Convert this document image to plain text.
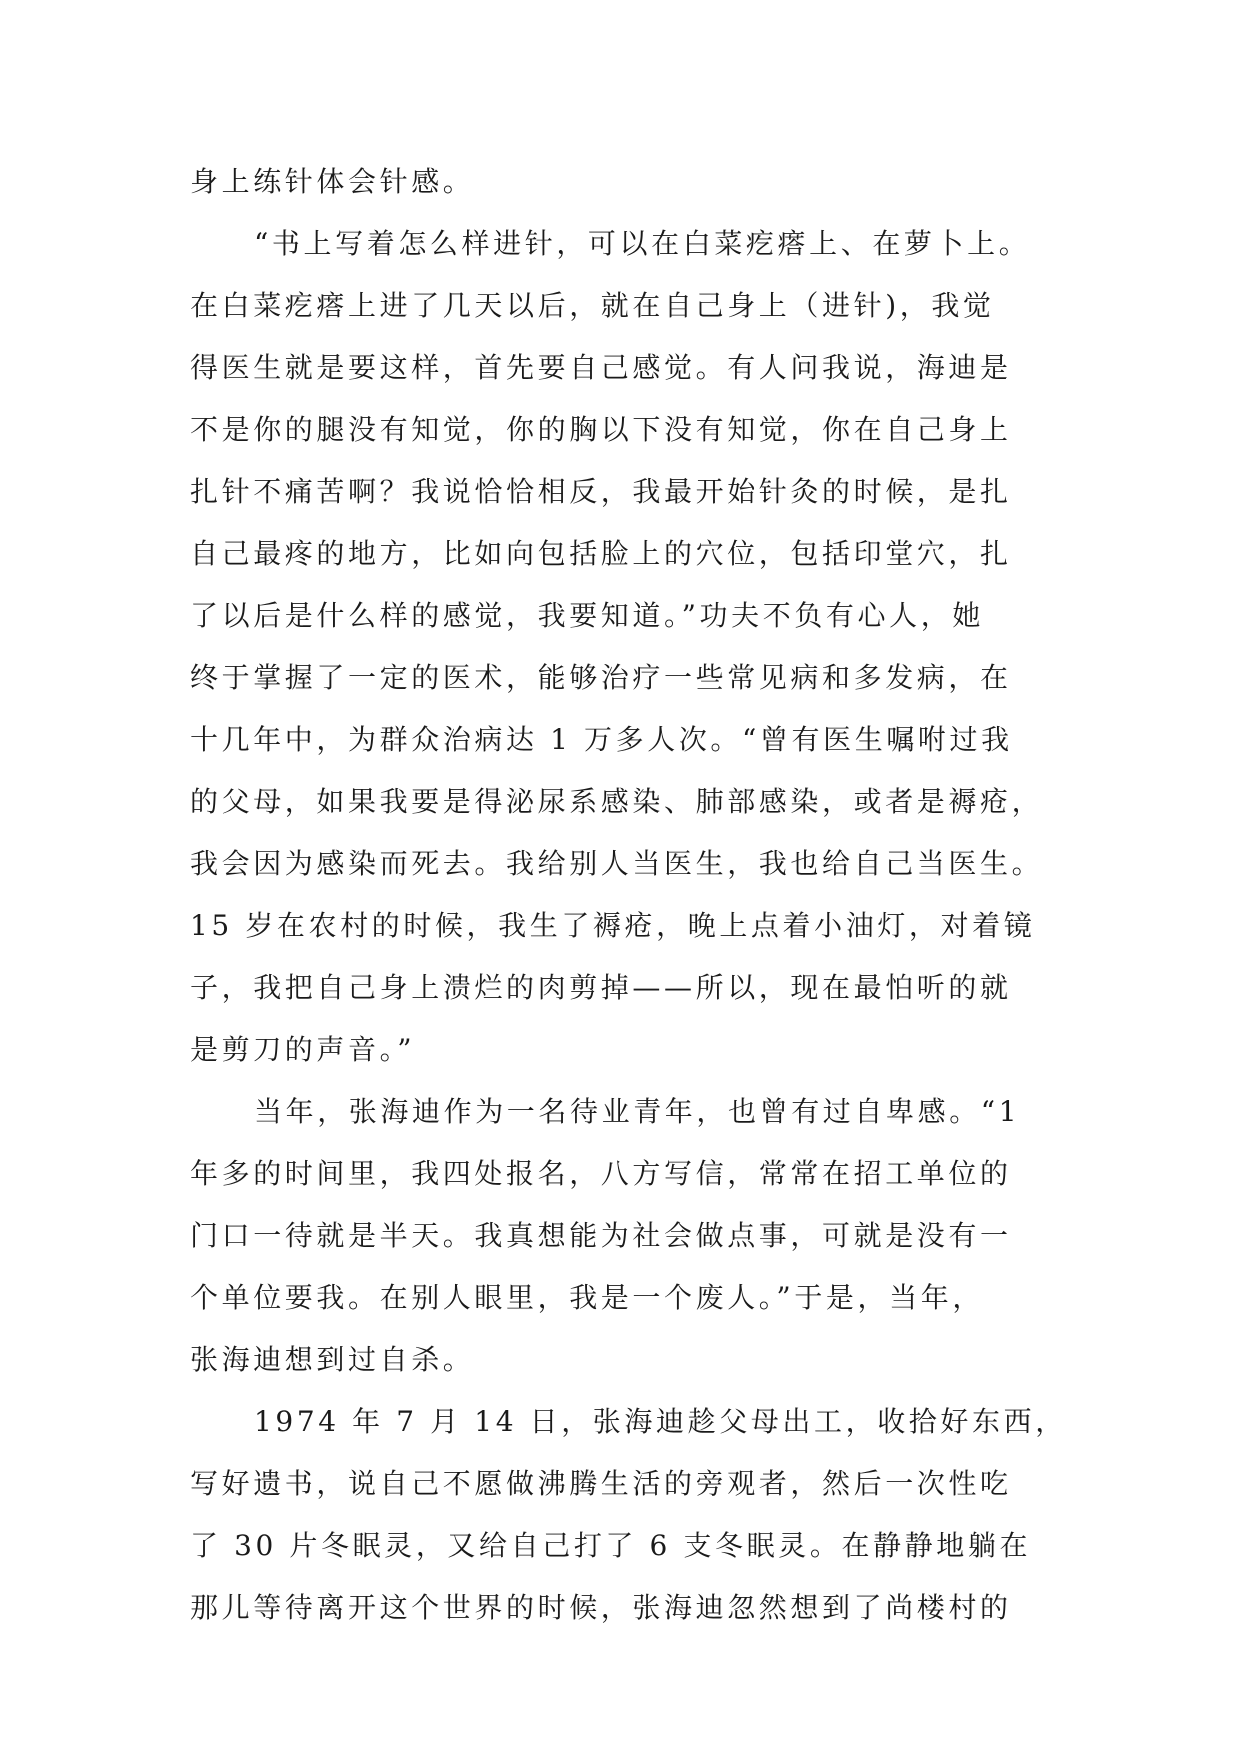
身上练针体会针感。
“书上写着怎么样进针，可以在白菜疙瘩上、在萝卜上。
在白菜疙瘩上进了几天以后，就在自己身上（进针)，我觉
得医生就是要这样，首先要自己感觉。有人问我说，海迪是
不是你的腿没有知觉，你的胸以下没有知觉，你在自己身上
扎针不痛苦啊？我说恰恰相反，我最开始针灸的时候，是扎
自己最疼的地方，比如向包括脸上的穴位，包括印堂穴，扎
了以后是什么样的感觉，我要知道。”功夫不负有心人，她
终于掌握了一定的医术，能够治疗一些常见病和多发病，在
十几年中，为群众治病达 1 万多人次。“曾有医生嘱咐过我
的父母，如果我要是得泌尿系感染、肺部感染，或者是褥疮，
我会因为感染而死去。我给别人当医生，我也给自己当医生。
15 岁在农村的时候，我生了褥疮，晚上点着小油灯，对着镜
子，我把自己身上溃烂的肉剪掉——所以，现在最怕听的就
是剪刀的声音。”
当年，张海迪作为一名待业青年，也曾有过自卑感。“1
年多的时间里，我四处报名，八方写信，常常在招工单位的
门口一待就是半天。我真想能为社会做点事，可就是没有一
个单位要我。在别人眼里，我是一个废人。”于是，当年，
张海迪想到过自杀。
1974 年 7 月 14 日，张海迪趁父母出工，收拾好东西，
写好遗书，说自己不愿做沸腾生活的旁观者，然后一次性吃
了 30 片冬眠灵，又给自己打了 6 支冬眠灵。在静静地躺在
那儿等待离开这个世界的时候，张海迪忽然想到了尚楼村的
